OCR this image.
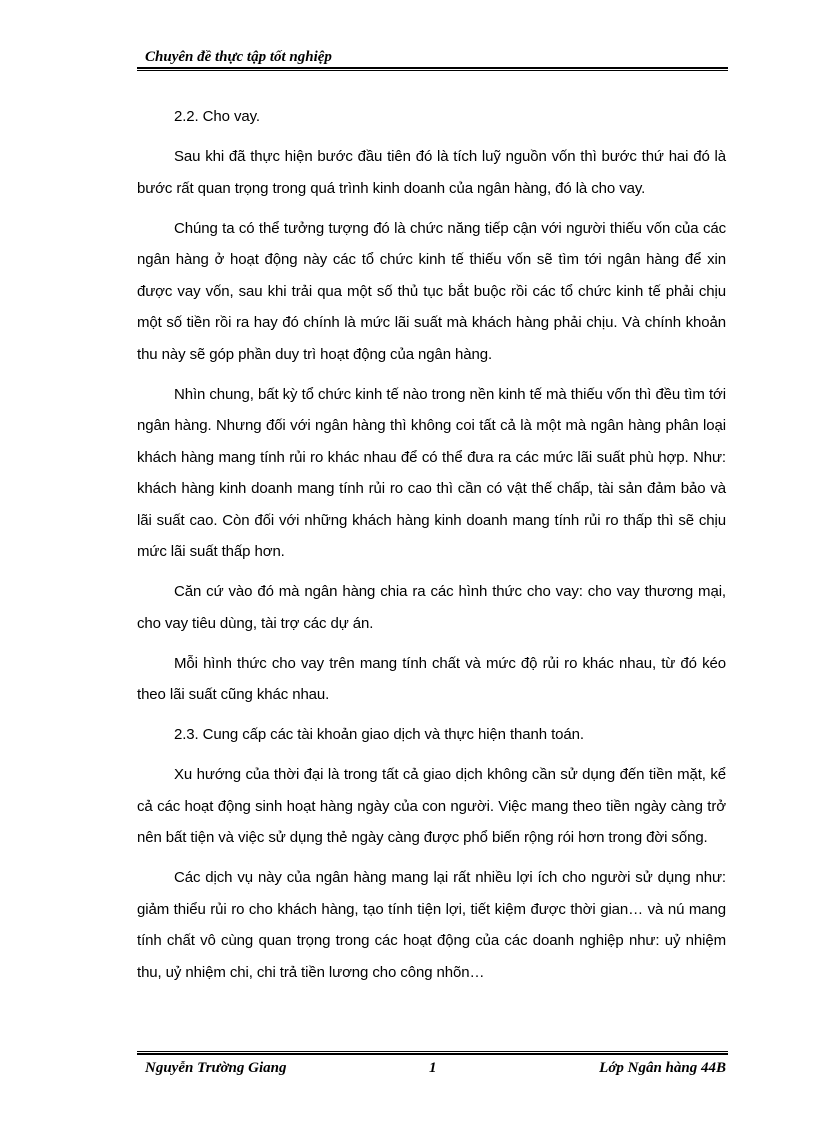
Chuyên đề thực tập tốt nghiệp

2.2. Cho vay.

Sau khi đã thực hiện bước đầu tiên đó là tích luỹ nguồn vốn thì bước thứ hai đó là bước rất quan trọng trong quá trình kinh doanh của ngân hàng, đó là cho vay.

Chúng ta có thể tưởng tượng đó là chức năng tiếp cận với người thiếu vốn của các ngân hàng ở hoạt động này các tổ chức kinh tế thiếu vốn sẽ tìm tới ngân hàng để xin được vay vốn, sau khi trải qua một số thủ tục bắt buộc rồi các tổ chức kinh tế phải chịu một số tiền rồi ra hay đó chính là mức lãi suất mà khách hàng phải chịu. Và chính khoản thu này sẽ góp phần duy trì hoạt động của ngân hàng.

Nhìn chung, bất kỳ tổ chức kinh tế nào trong nền kinh tế mà thiếu vốn thì đều tìm tới ngân hàng. Nhưng đối với ngân hàng thì không coi tất cả là một mà ngân hàng phân loại khách hàng mang tính rủi ro khác nhau để có thể đưa ra các mức lãi suất phù hợp. Như: khách hàng kinh doanh mang tính rủi ro cao thì cần có vật thế chấp, tài sản đảm bảo và lãi suất cao. Còn đối với những khách hàng kinh doanh mang tính rủi ro thấp thì sẽ chịu mức lãi suất thấp hơn.

Căn cứ vào đó mà ngân hàng chia ra các hình thức cho vay: cho vay thương mại, cho vay tiêu dùng, tài trợ các dự án.

Mỗi hình thức cho vay trên mang tính chất và mức độ rủi ro khác nhau, từ đó kéo theo lãi suất cũng khác nhau.

2.3. Cung cấp các tài khoản giao dịch và thực hiện thanh toán.

Xu hướng của thời đại là trong tất cả giao dịch không cần sử dụng đến tiền mặt, kể cả các hoạt động sinh hoạt hàng ngày của con người. Việc mang theo tiền ngày càng trở nên bất tiện và việc sử dụng thẻ ngày càng được phổ biến rộng rói hơn trong đời sống.

Các dịch vụ này của ngân hàng mang lại rất nhiều lợi ích cho người sử dụng như: giảm thiểu rủi ro cho khách hàng, tạo tính tiện lợi, tiết kiệm được thời gian… và nú mang tính chất vô cùng quan trọng trong các hoạt động của các doanh nghiệp như: uỷ nhiệm thu, uỷ nhiệm chi, chi trả tiền lương cho công nhõn…

Nguyễn Trường Giang	1	Lớp Ngân hàng 44B
